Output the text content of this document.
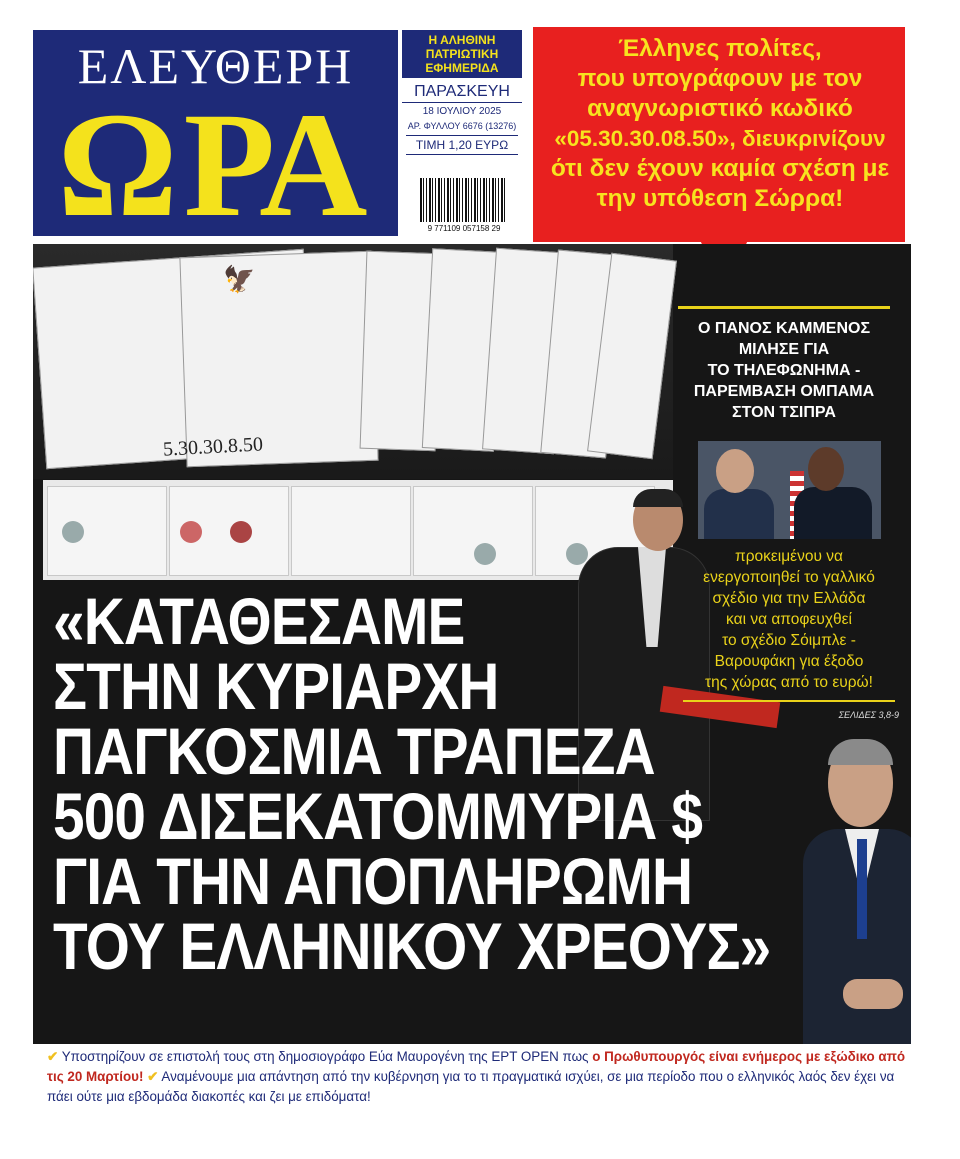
ΕΛΕΥΘΕΡΗ
ΩΡΑ
Η ΑΛΗΘΙΝΗ
ΠΑΤΡΙΩΤΙΚΗ
ΕΦΗΜΕΡΙΔΑ
ΠΑΡΑΣΚΕΥΗ
18 ΙΟΥΛΙΟΥ 2025
ΑΡ. ΦΥΛΛΟΥ 6676 (13276)
ΤΙΜΗ 1,20 ΕΥΡΩ
9 771109 057158 29
Έλληνες πολίτες,
που υπογράφουν με τον
αναγνωριστικό κωδικό
«05.30.30.08.50», διευκρινίζουν
ότι δεν έχουν καμία σχέση με
την υπόθεση Σώρρα!
🦅
5.30.30.8.50
Ο ΠΑΝΟΣ ΚΑΜΜΕΝΟΣ
ΜΙΛΗΣΕ ΓΙΑ
ΤΟ ΤΗΛΕΦΩΝΗΜΑ -
ΠΑΡΕΜΒΑΣΗ ΟΜΠΑΜΑ
ΣΤΟΝ ΤΣΙΠΡΑ
προκειμένου να
ενεργοποιηθεί το γαλλικό
σχέδιο για την Ελλάδα
και να αποφευχθεί
το σχέδιο Σόιμπλε -
Βαρουφάκη για έξοδο
της χώρας από το ευρώ!
ΣΕΛΙΔΕΣ 3,8-9
«ΚΑΤΑΘΕΣΑΜΕ
ΣΤΗΝ ΚΥΡΙΑΡΧΗ
ΠΑΓΚΟΣΜΙΑ ΤΡΑΠΕΖΑ
500 ΔΙΣΕΚΑΤΟΜΜΥΡΙΑ $
ΓΙΑ ΤΗΝ ΑΠΟΠΛΗΡΩΜΗ
ΤΟΥ ΕΛΛΗΝΙΚΟΥ ΧΡΕΟΥΣ»
✔ Υποστηρίζουν σε επιστολή τους στη δημοσιογράφο Εύα Μαυρογένη της ΕΡΤ OPEN πως ο Πρωθυπουργός είναι ενήμερος με εξώδικο από τις 20 Μαρτίου! ✔ Αναμένουμε μια απάντηση από την κυβέρνηση για το τι πραγματικά ισχύει, σε μια περίοδο που ο ελληνικός λαός δεν έχει να πάει ούτε μια εβδομάδα διακοπές και ζει με επιδόματα!
